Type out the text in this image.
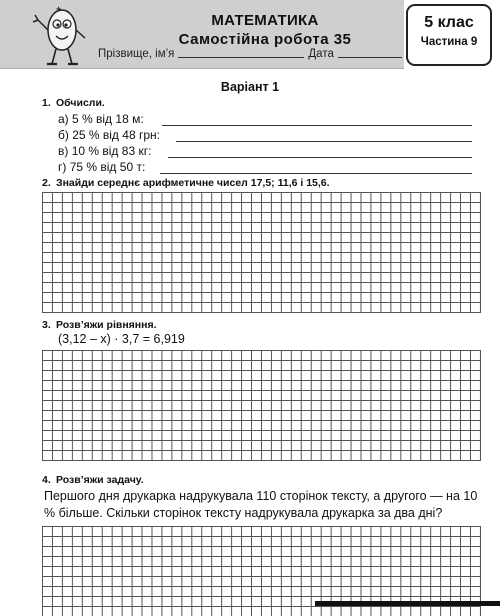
+
МАТЕМАТИКА
Самостійна робота 35
Прізвище, ім’я	Дата
5 клас
Частина 9
Варіант 1
1. Обчисли.
а) 5 % від 18 м:
б) 25 % від 48 грн:
в) 10 % від 83 кг:
г) 75 % від 50 т:
2. Знайди середнє арифметичне чисел 17,5; 11,6 і 15,6.
3. Розв’яжи рівняння.
(3,12 – x) · 3,7 = 6,919
4. Розв’яжи задачу.
Першого дня друкарка надрукувала 110 сторінок тексту, а другого — на 10 % більше. Скільки сторінок тексту надрукувала друкарка за два дні?
